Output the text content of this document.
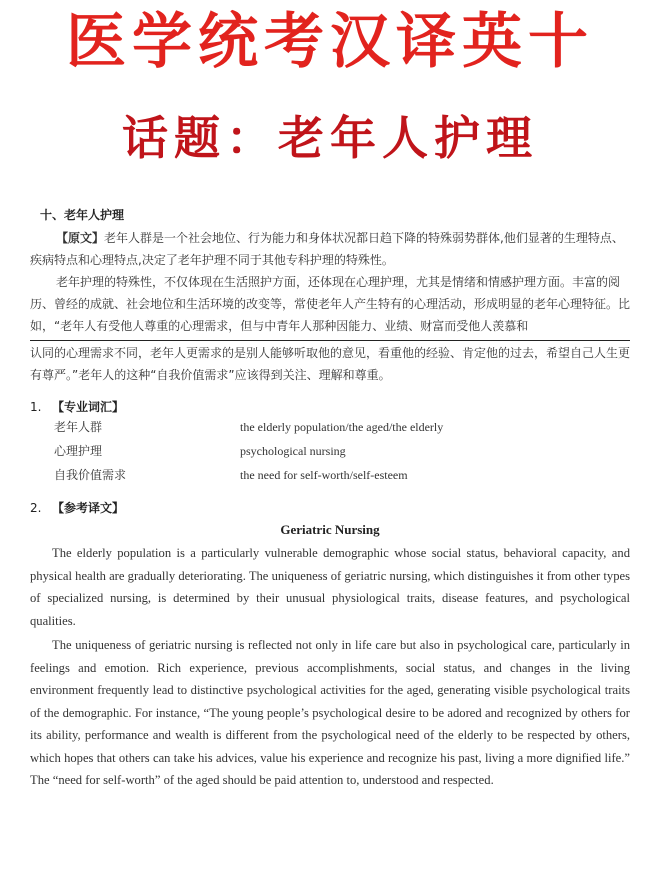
医学统考汉译英十
话题：老年人护理
十、老年人护理

【原文】老年人群是一个社会地位、行为能力和身体状况都日趋下降的特殊弱势群体,他们显著的生理特点、疾病特点和心理特点,决定了老年护理不同于其他专科护理的特殊性。

老年护理的特殊性，不仅体现在生活照护方面，还体现在心理护理，尤其是情绪和情感护理方面。丰富的阅历、曾经的成就、社会地位和生活环境的改变等，常使老年人产生特有的心理活动，形成明显的老年心理特征。比如，“老年人有受他人尊重的心理需求，但与中青年人那种因能力、业绩、财富而受他人羡慕和

认同的心理需求不同，老年人更需求的是别人能够听取他的意见，看重他的经验、肯定他的过去，希望自己人生更有尊严。”老年人的这种“自我价值需求”应该得到关注、理解和尊重。

1. 【专业词汇】
老年人群	the elderly population/the aged/the elderly
心理护理	psychological nursing
自我价值需求	the need for self-worth/self-esteem
2. 【参考译文】
Geriatric Nursing

The elderly population is a particularly vulnerable demographic whose social status, behavioral capacity, and physical health are gradually deteriorating. The uniqueness of geriatric nursing, which distinguishes it from other types of specialized nursing, is determined by their unusual physiological traits, disease features, and psychological qualities.

The uniqueness of geriatric nursing is reflected not only in life care but also in psychological care, particularly in feelings and emotion. Rich experience, previous accomplishments, social status, and changes in the living environment frequently lead to distinctive psychological activities for the aged, generating visible psychological traits of the demographic. For instance, “The young people’s psychological desire to be adored and recognized by others for its ability, performance and wealth is different from the psychological need of the elderly to be respected by others, which hopes that others can take his advices, value his experience and recognize his past, living a more dignified life.” The “need for self-worth” of the aged should be paid attention to, understood and respected.
